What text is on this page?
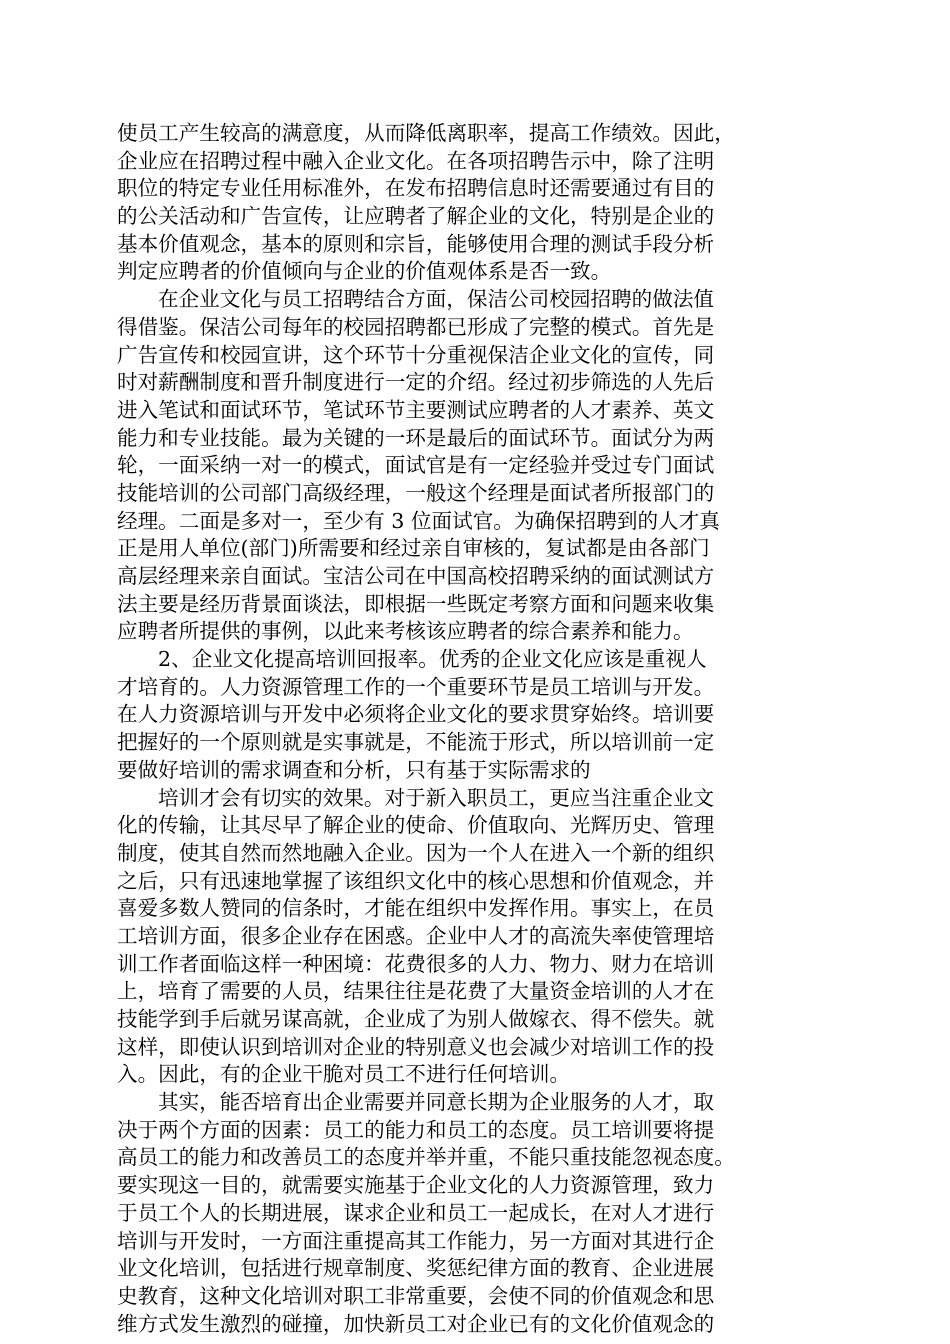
使员工产生较高的满意度，从而降低离职率，提高工作绩效。因此，
企业应在招聘过程中融入企业文化。在各项招聘告示中，除了注明
职位的特定专业任用标准外，在发布招聘信息时还需要通过有目的
的公关活动和广告宣传，让应聘者了解企业的文化，特别是企业的
基本价值观念，基本的原则和宗旨，能够使用合理的测试手段分析
判定应聘者的价值倾向与企业的价值观体系是否一致。
在企业文化与员工招聘结合方面，保洁公司校园招聘的做法值
得借鉴。保洁公司每年的校园招聘都已形成了完整的模式。首先是
广告宣传和校园宣讲，这个环节十分重视保洁企业文化的宣传，同
时对薪酬制度和晋升制度进行一定的介绍。经过初步筛选的人先后
进入笔试和面试环节，笔试环节主要测试应聘者的人才素养、英文
能力和专业技能。最为关键的一环是最后的面试环节。面试分为两
轮，一面采纳一对一的模式，面试官是有一定经验并受过专门面试
技能培训的公司部门高级经理，一般这个经理是面试者所报部门的
经理。二面是多对一，至少有 3 位面试官。为确保招聘到的人才真
正是用人单位(部门)所需要和经过亲自审核的，复试都是由各部门
高层经理来亲自面试。宝洁公司在中国高校招聘采纳的面试测试方
法主要是经历背景面谈法，即根据一些既定考察方面和问题来收集
应聘者所提供的事例，以此来考核该应聘者的综合素养和能力。
2、企业文化提高培训回报率。优秀的企业文化应该是重视人
才培育的。人力资源管理工作的一个重要环节是员工培训与开发。
在人力资源培训与开发中必须将企业文化的要求贯穿始终。培训要
把握好的一个原则就是实事就是，不能流于形式，所以培训前一定
要做好培训的需求调查和分析，只有基于实际需求的
培训才会有切实的效果。对于新入职员工，更应当注重企业文
化的传输，让其尽早了解企业的使命、价值取向、光辉历史、管理
制度，使其自然而然地融入企业。因为一个人在进入一个新的组织
之后，只有迅速地掌握了该组织文化中的核心思想和价值观念，并
喜爱多数人赞同的信条时，才能在组织中发挥作用。事实上，在员
工培训方面，很多企业存在困惑。企业中人才的高流失率使管理培
训工作者面临这样一种困境：花费很多的人力、物力、财力在培训
上，培育了需要的人员，结果往往是花费了大量资金培训的人才在
技能学到手后就另谋高就，企业成了为别人做嫁衣、得不偿失。就
这样，即使认识到培训对企业的特别意义也会减少对培训工作的投
入。因此，有的企业干脆对员工不进行任何培训。
其实，能否培育出企业需要并同意长期为企业服务的人才，取
决于两个方面的因素：员工的能力和员工的态度。员工培训要将提
高员工的能力和改善员工的态度并举并重，不能只重技能忽视态度。
要实现这一目的，就需要实施基于企业文化的人力资源管理，致力
于员工个人的长期进展，谋求企业和员工一起成长，在对人才进行
培训与开发时，一方面注重提高其工作能力，另一方面对其进行企
业文化培训，包括进行规章制度、奖惩纪律方面的教育、企业进展
史教育，这种文化培训对职工非常重要，会使不同的价值观念和思
维方式发生激烈的碰撞，加快新员工对企业已有的文化价值观念的
